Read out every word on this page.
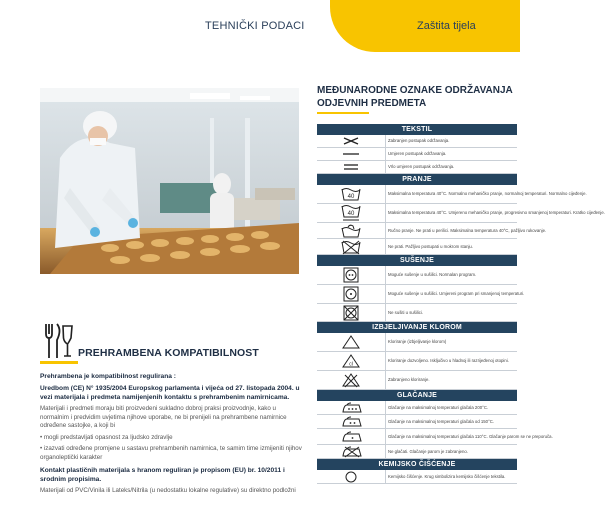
TEHNIČKI PODACI	Zaštita tijela
PREHRAMBENA KOMPATIBILNOST

Prehrambena je kompatibilnost regulirana :

Uredbom (CE) N° 1935/2004 Europskog parlamenta i vijeća od 27. listopada 2004. u vezi materijala i predmeta namijenjenih kontaktu s prehrambenim namirnicama.

Materijali i predmeti moraju biti proizvedeni sukladno dobroj praksi proizvodnje, kako u normalnim i predvidim uvjetima njihove uporabe, ne bi prenijeli na prehrambene namirnice određene sastojke, a koji bi

• mogli predstavljati opasnost za ljudsko zdravlje

• izazvati određene promjene u sastavu prehrambenih namirnica, te samim time izmijeniti njihov organoleptički karakter

Kontakt plastičnih materijala s hranom reguliran je propisom (EU) br. 10/2011 i srodnim propisima.

Materijali od PVC/Vinila ili Lateks/Nitrila (u nedostatku lokalne regulative) su direktno podložni

MEĐUNARODNE OZNAKE ODRŽAVANJA ODJEVNIH PREDMETA
TEKSTIL
Zabranjen postupak održavanja.
Umjeren postupak održavanja.
Vrlo umjeren postupak održavanja.
PRANJE
40
Maksimalna temperatura 40°C. Normalno mehaničko pranje, normalnoj temperaturi. Normalno cijeđenje.
40	Maksimalna temperatura 40°C. Umjereno mehaničko pranje, progresivno smanjenoj temperaturi. Kratko cijeđenje.
Ručno pranje. Ne prati u perilici. Maksimalna temperatura 40°C, pažljivo rukovanje.
Ne prati. Pažljivo postupati u mokrom stanju.
SUŠENJE
Moguće sušenje u sušilici. Normalan program.
Moguće sušenje u sušilici. Umjereni program pri smanjenoj temperaturi.
Ne sušiti u sušilici.
IZBJELJIVANJE KLOROM
Kloriranje (izbjeljivanje klorom)
cl
Kloriranje dozvoljeno. Isključivo u hladnoj ili razrijeđenoj otopini.
Zabranjeno kloriranje.
GLAČANJE
Glačanje na maksimalnoj temperaturi glačala 200°C.
Glačanje na maksimalnoj temperaturi glačala od 150°C.
Glačanje na maksimalnoj temperaturi glačala 110°C. Glačanje parom se ne preporuča.
Ne glačati. Glačanje parom je zabranjeno.
KEMIJSKO ČIŠĆENJE
Kemijsko čišćenje. Krug simbolizira kemijsko čišćenje tekstila.
